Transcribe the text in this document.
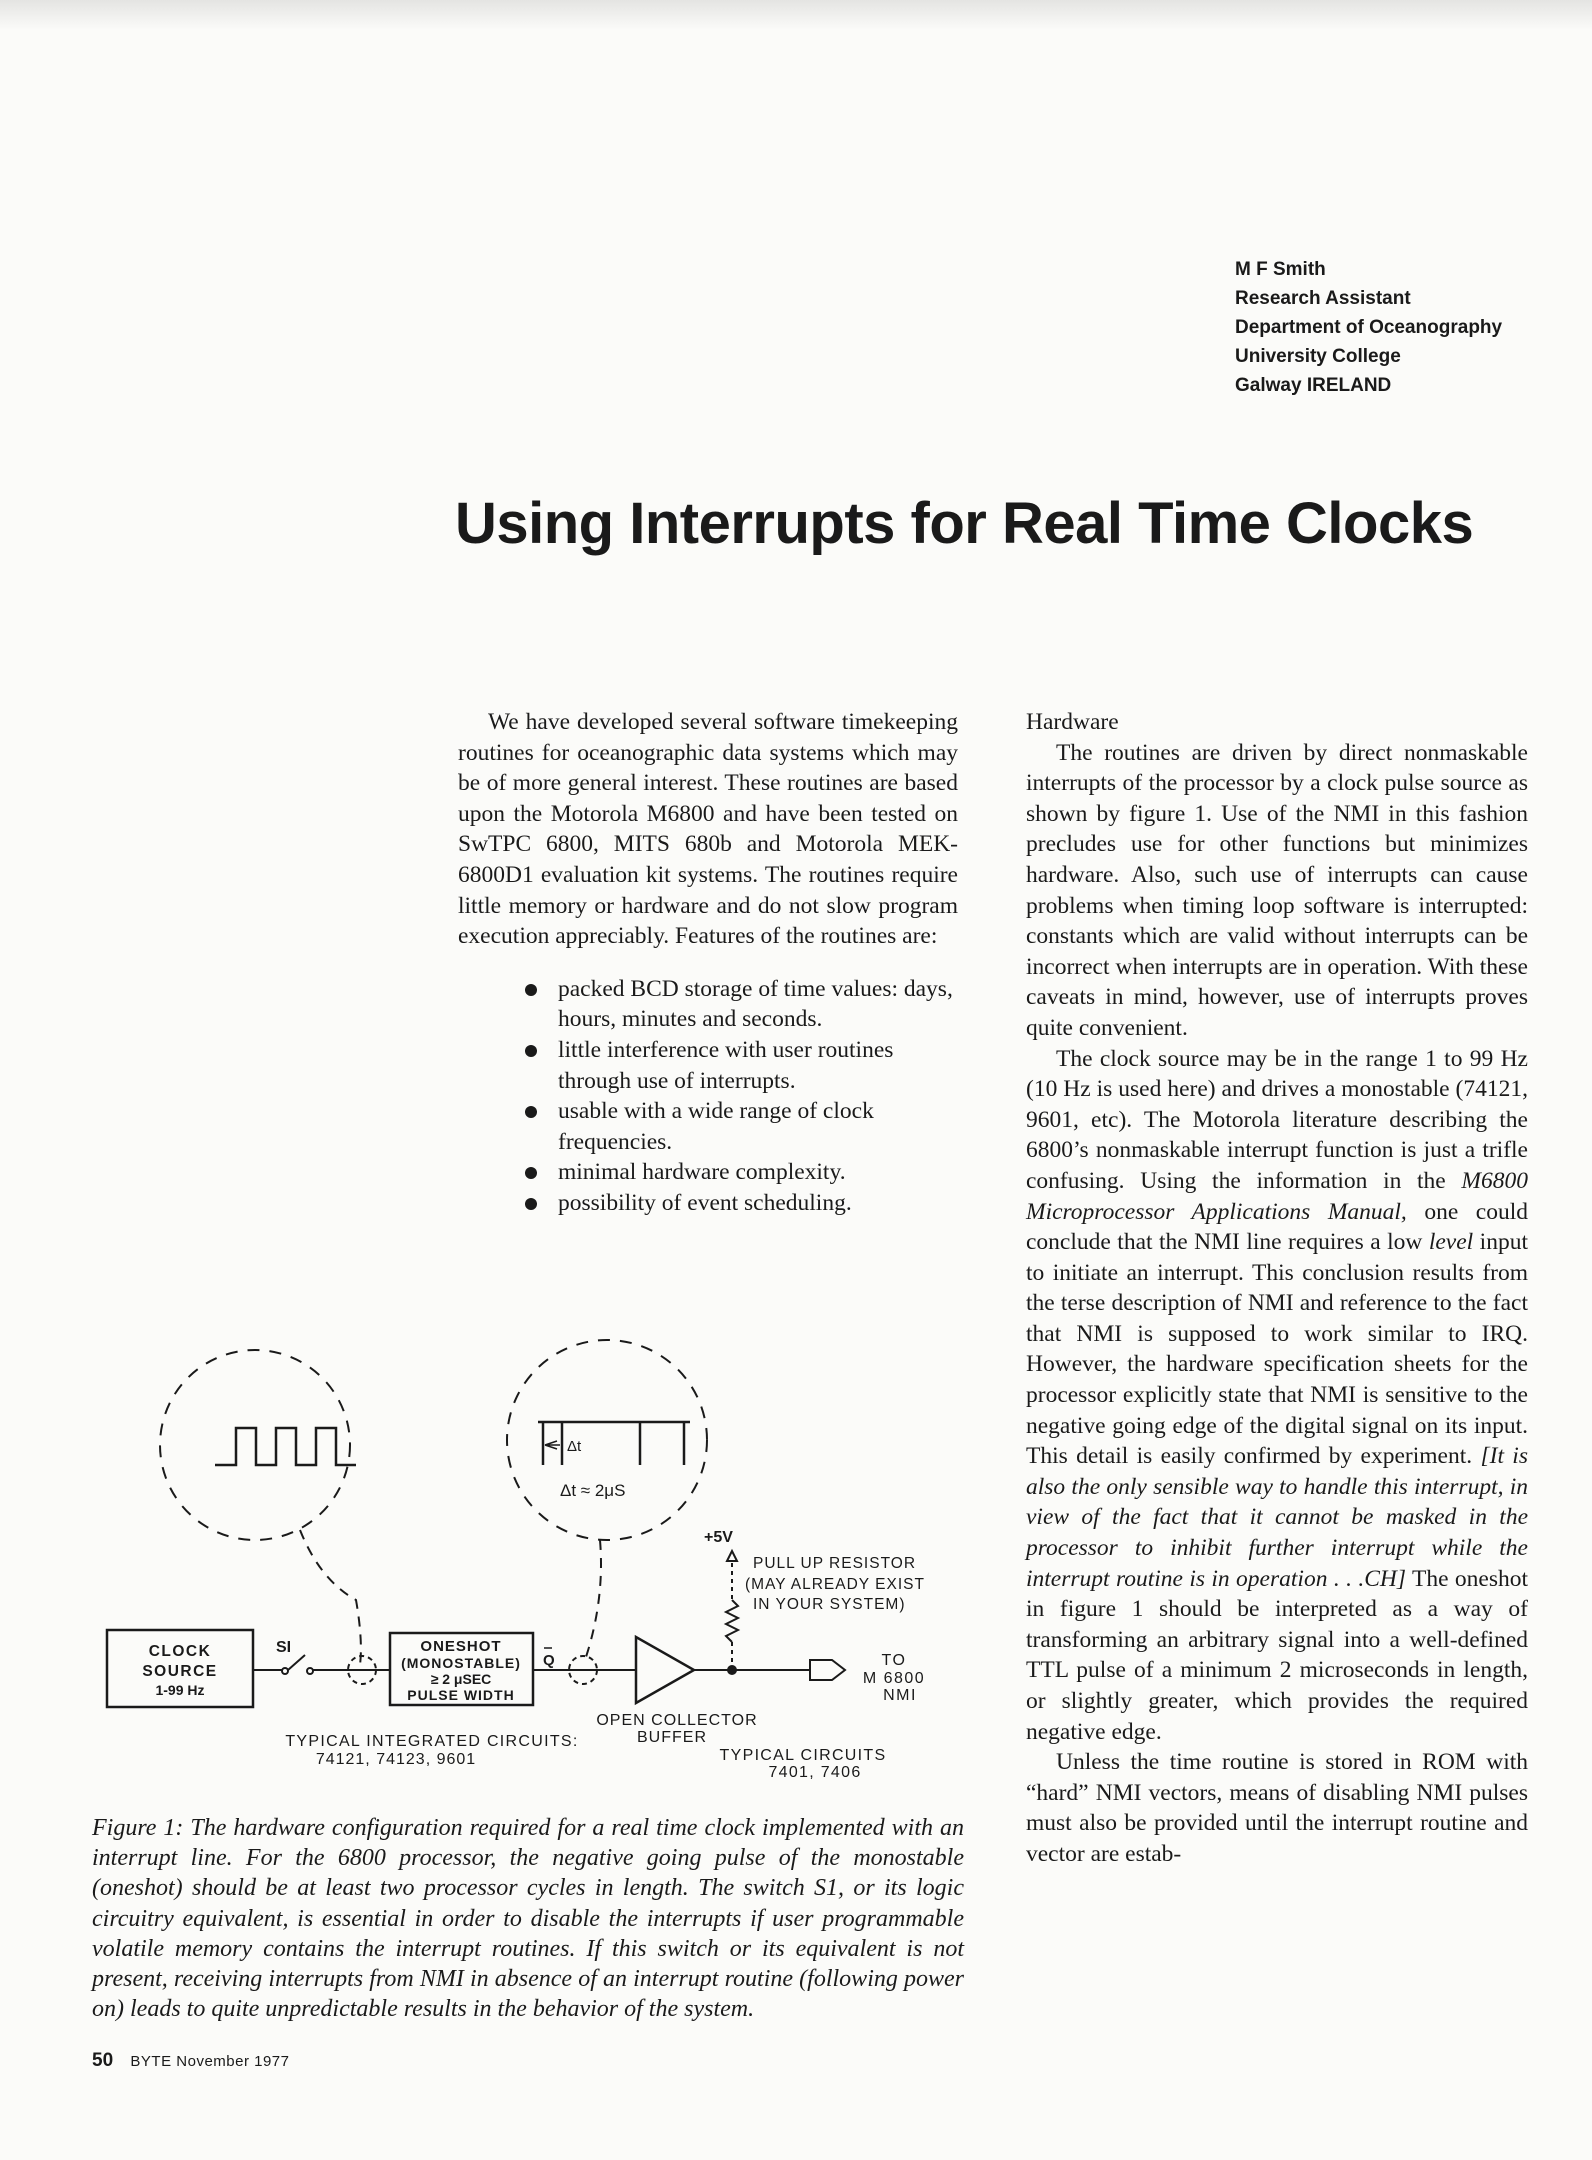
M F Smith
Research Assistant
Department of Oceanography
University College
Galway IRELAND
Using Interrupts for Real Time Clocks

We have developed several software timekeeping routines for oceanographic data systems which may be of more general interest. These routines are based upon the Motorola M6800 and have been tested on SwTPC 6800, MITS 680b and Motorola MEK-6800D1 evaluation kit systems. The routines require little memory or hardware and do not slow program execution appreciably. Features of the routines are:

packed BCD storage of time values: days, hours, minutes and seconds.
little interference with user routines through use of interrupts.
usable with a wide range of clock frequencies.
minimal hardware complexity.
possibility of event scheduling.
Hardware

The routines are driven by direct nonmaskable interrupts of the processor by a clock pulse source as shown by figure 1. Use of the NMI in this fashion precludes use for other functions but minimizes hardware. Also, such use of interrupts can cause problems when timing loop software is interrupted: constants which are valid without interrupts can be incorrect when interrupts are in operation. With these caveats in mind, however, use of interrupts proves quite convenient.

The clock source may be in the range 1 to 99 Hz (10 Hz is used here) and drives a monostable (74121, 9601, etc). The Motorola literature describing the 6800’s nonmaskable interrupt function is just a trifle confusing. Using the information in the M6800 Microprocessor Applications Manual, one could conclude that the NMI line requires a low level input to initiate an interrupt. This conclusion results from the terse description of NMI and reference to the fact that NMI is supposed to work similar to IRQ. However, the hardware specification sheets for the processor explicitly state that NMI is sensitive to the negative going edge of the digital signal on its input. This detail is easily confirmed by experiment. [It is also the only sensible way to handle this interrupt, in view of the fact that it cannot be masked in the processor to inhibit further interrupt while the interrupt routine is in operation . . .CH] The oneshot in figure 1 should be interpreted as a way of transforming an arbitrary signal into a well-defined TTL pulse of a minimum 2 microseconds in length, or slightly greater, which provides the required negative edge.

Unless the time routine is stored in ROM with “hard” NMI vectors, means of disabling NMI pulses must also be provided until the interrupt routine and vector are estab-

Δt
Δt ≈ 2μS
+5V
PULL UP RESISTOR
(MAY ALREADY EXIST
IN YOUR SYSTEM)
CLOCK
SOURCE
1-99 Hz
SI	ONESHOT
(MONOSTABLE)
≥ 2 μSEC
PULSE WIDTH
Q	TO
M 6800
NMI
OPEN COLLECTOR
BUFFER
TYPICAL INTEGRATED CIRCUITS:
74121, 74123, 9601	TYPICAL CIRCUITS
7401, 7406
Figure 1: The hardware configuration required for a real time clock implemented with an interrupt line. For the 6800 processor, the negative going pulse of the monostable (oneshot) should be at least two processor cycles in length. The switch S1, or its logic circuitry equivalent, is essential in order to disable the interrupts if user programmable volatile memory contains the interrupt routines. If this switch or its equivalent is not present, receiving interrupts from NMI in absence of an interrupt routine (following power on) leads to quite unpredictable results in the behavior of the system.
50 BYTE November 1977
